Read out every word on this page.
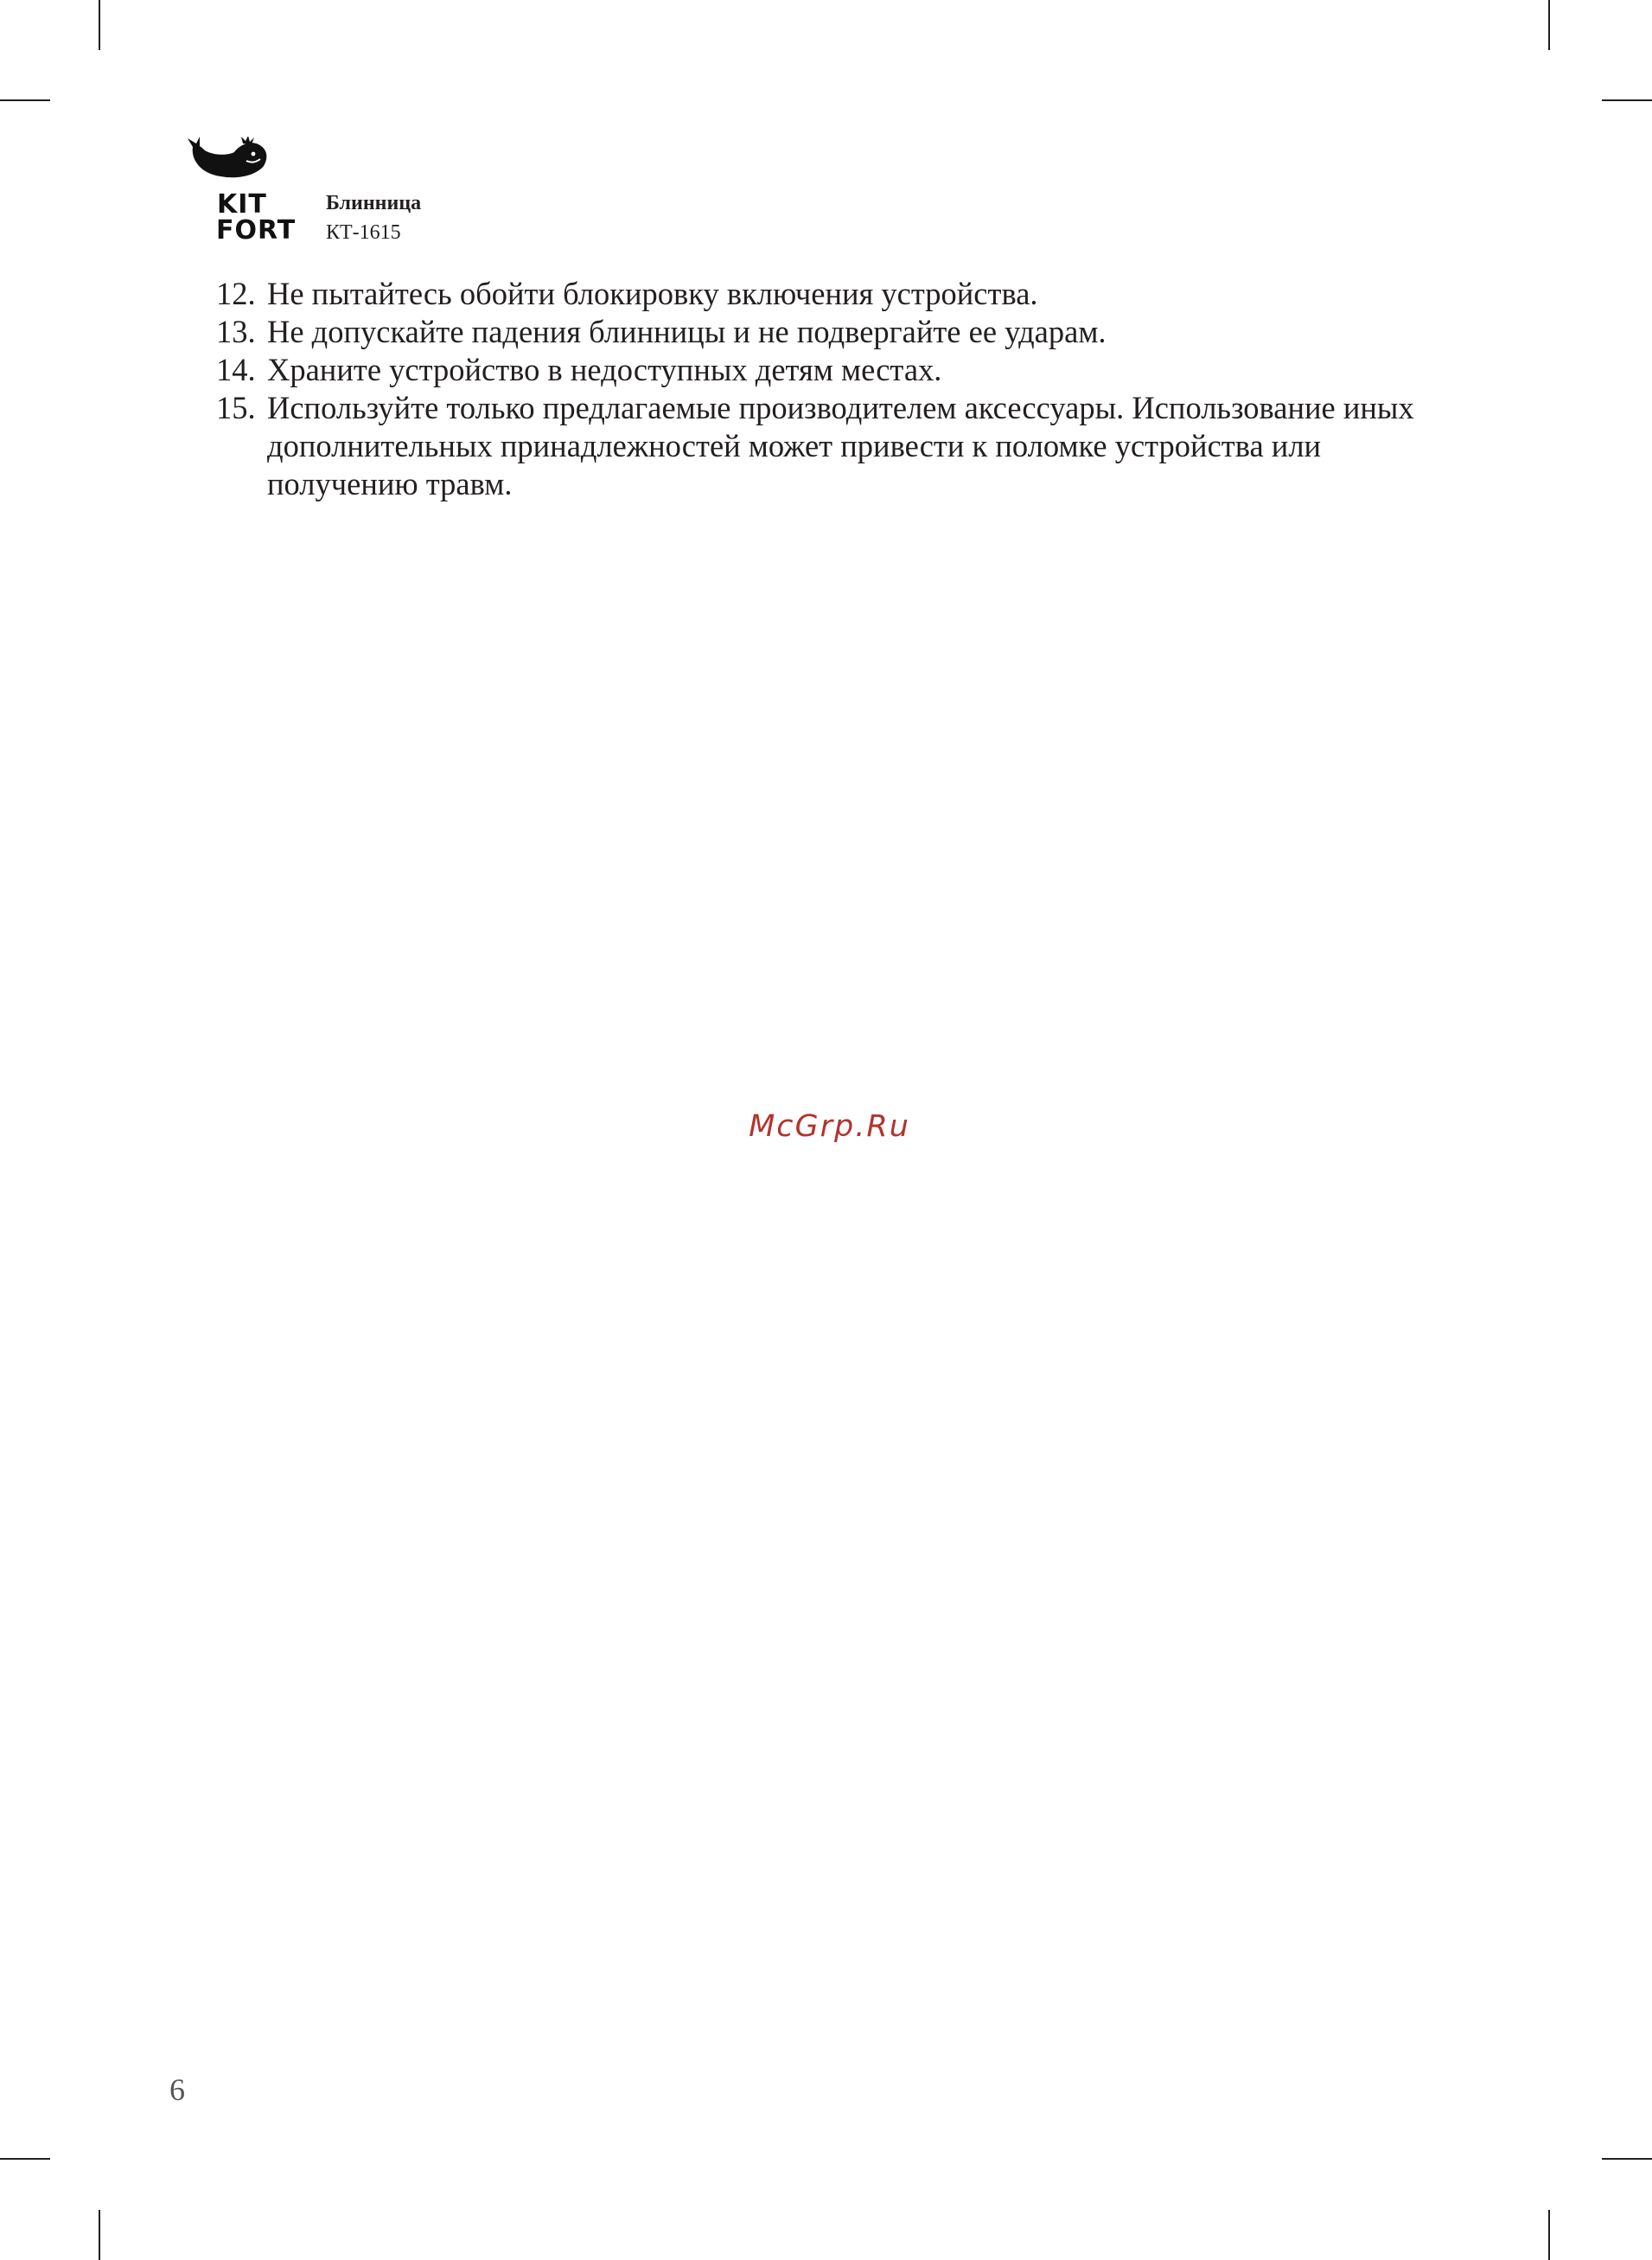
KIT
FORT
Блинница
КТ-1615
12. Не пытайтесь обойти блокировку включения устройства.
13. Не допускайте падения блинницы и не подвергайте ее ударам.
14. Храните устройство в недоступных детям местах.
15. Используйте только предлагаемые производителем аксессуары. Использование иных дополнительных принадлежностей может привести к поломке устройства или получению травм.
McGrp.Ru
6
